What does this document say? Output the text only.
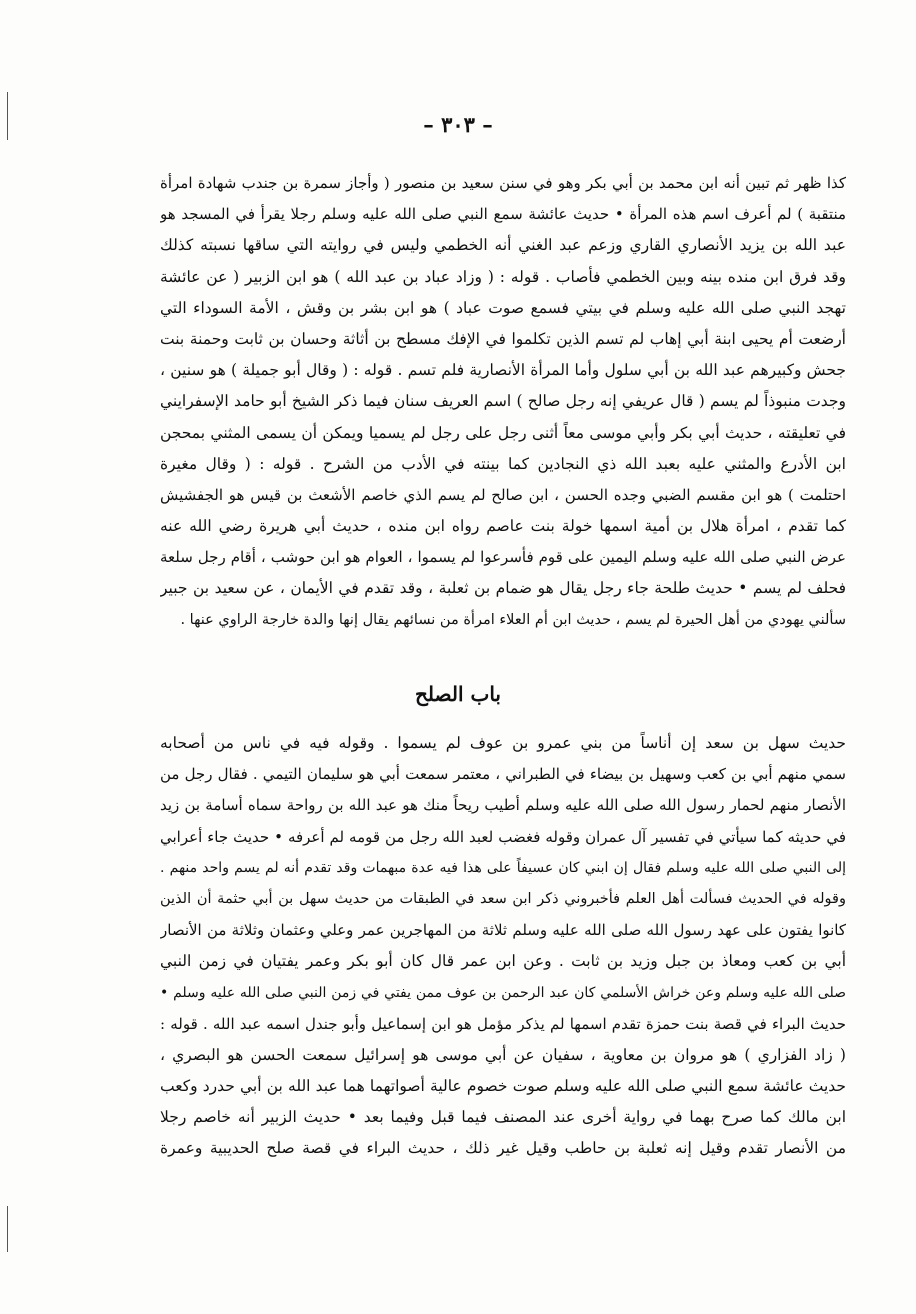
– ٣٠٣ –
كذا ظهر ثم تبين أنه ابن محمد بن أبي بكر وهو في سنن سعيد بن منصور ( وأجاز سمرة بن جندب شهادة امرأة
منتقبة ) لم أعرف اسم هذه المرأة • حديث عائشة سمع النبي صلى الله عليه وسلم رجلا يقرأ في المسجد هو
عبد الله بن يزيد الأنصاري القاري وزعم عبد الغني أنه الخطمي وليس في روايته التي ساقها نسبته كذلك
وقد فرق ابن منده بينه وبين الخطمي فأصاب . قوله : ( وزاد عباد بن عبد الله ) هو ابن الزبير ( عن عائشة
تهجد النبي صلى الله عليه وسلم في بيتي فسمع صوت عباد ) هو ابن بشر بن وقش ، الأمة السوداء التي
أرضعت أم يحيى ابنة أبي إهاب لم تسم الذين تكلموا في الإفك مسطح بن أثاثة وحسان بن ثابت وحمنة بنت
جحش وكبيرهم عبد الله بن أبي سلول وأما المرأة الأنصارية فلم تسم . قوله : ( وقال أبو جميلة ) هو سنين ،
وجدت منبوذاً لم يسم ( قال عريفي إنه رجل صالح ) اسم العريف سنان فيما ذكر الشيخ أبو حامد الإسفرايني
في تعليقته ، حديث أبي بكر وأبي موسى معاً أثنى رجل على رجل لم يسميا ويمكن أن يسمى المثني بمحجن
ابن الأدرع والمثني عليه بعبد الله ذي النجادين كما بينته في الأدب من الشرح . قوله : ( وقال مغيرة
احتلمت ) هو ابن مقسم الضبي وجده الحسن ، ابن صالح لم يسم الذي خاصم الأشعث بن قيس هو الجفشيش
كما تقدم ، امرأة هلال بن أمية اسمها خولة بنت عاصم رواه ابن منده ، حديث أبي هريرة رضي الله عنه
عرض النبي صلى الله عليه وسلم اليمين على قوم فأسرعوا لم يسموا ، العوام هو ابن حوشب ، أقام رجل سلعة
فحلف لم يسم • حديث طلحة جاء رجل يقال هو ضمام بن ثعلبة ، وقد تقدم في الأيمان ، عن سعيد بن جبير
سألني يهودي من أهل الحيرة لم يسم ، حديث ابن أم العلاء امرأة من نسائهم يقال إنها والدة خارجة الراوي عنها .
باب الصلح
حديث سهل بن سعد إن أناساً من بني عمرو بن عوف لم يسموا . وقوله فيه في ناس من أصحابه
سمي منهم أبي بن كعب وسهيل بن بيضاء في الطبراني ، معتمر سمعت أبي هو سليمان التيمي . فقال رجل من
الأنصار منهم لحمار رسول الله صلى الله عليه وسلم أطيب ريحاً منك هو عبد الله بن رواحة سماه أسامة بن زيد
في حديثه كما سيأتي في تفسير آل عمران وقوله فغضب لعبد الله رجل من قومه لم أعرفه • حديث جاء أعرابي
إلى النبي صلى الله عليه وسلم فقال إن ابني كان عسيفاً على هذا فيه عدة مبهمات وقد تقدم أنه لم يسم واحد منهم .
وقوله في الحديث فسألت أهل العلم فأخبروني ذكر ابن سعد في الطبقات من حديث سهل بن أبي حثمة أن الذين
كانوا يفتون على عهد رسول الله صلى الله عليه وسلم ثلاثة من المهاجرين عمر وعلي وعثمان وثلاثة من الأنصار
أبي بن كعب ومعاذ بن جبل وزيد بن ثابت . وعن ابن عمر قال كان أبو بكر وعمر يفتيان في زمن النبي
صلى الله عليه وسلم وعن خراش الأسلمي كان عبد الرحمن بن عوف ممن يفتي في زمن النبي صلى الله عليه وسلم •
حديث البراء في قصة بنت حمزة تقدم اسمها لم يذكر مؤمل هو ابن إسماعيل وأبو جندل اسمه عبد الله . قوله :
( زاد الفزاري ) هو مروان بن معاوية ، سفيان عن أبي موسى هو إسرائيل سمعت الحسن هو البصري ،
حديث عائشة سمع النبي صلى الله عليه وسلم صوت خصوم عالية أصواتهما هما عبد الله بن أبي حدرد وكعب
ابن مالك كما صرح بهما في رواية أخرى عند المصنف فيما قبل وفيما بعد • حديث الزبير أنه خاصم رجلا
من الأنصار تقدم وقيل إنه ثعلبة بن حاطب وقيل غير ذلك ، حديث البراء في قصة صلح الحديبية وعمرة
